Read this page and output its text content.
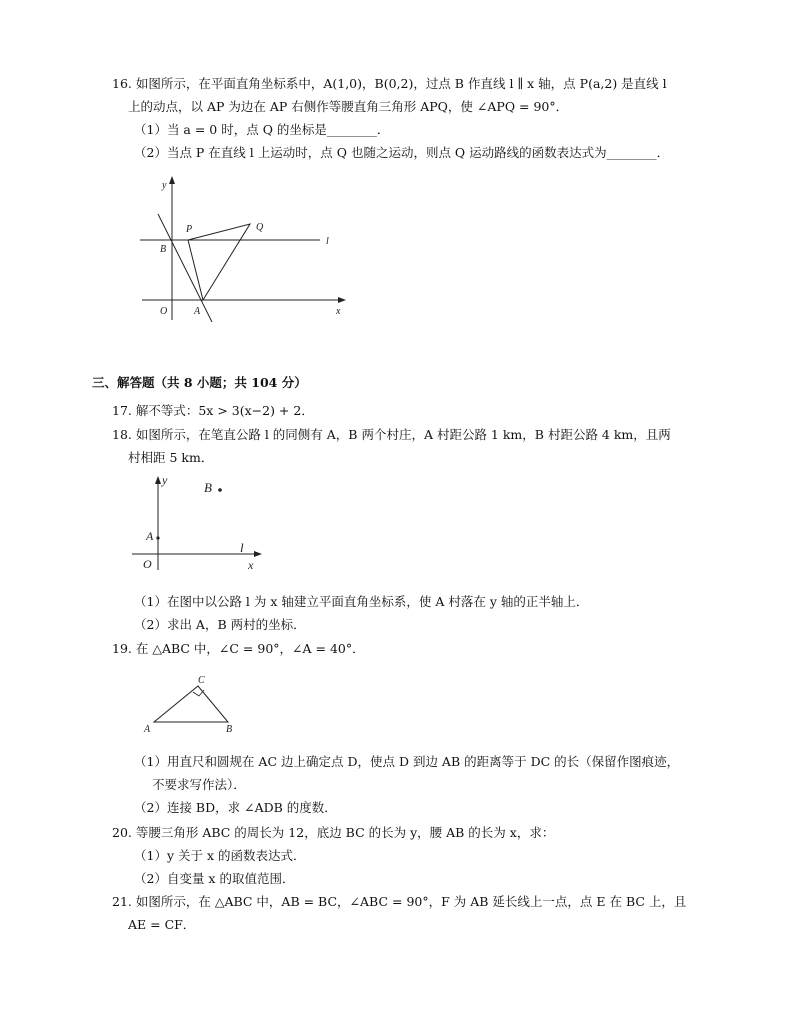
16. 如图所示，在平面直角坐标系中，A(1,0)，B(0,2)，过点 B 作直线 l ∥ x 轴，点 P(a,2) 是直线 l
上的动点，以 AP 为边在 AP 右侧作等腰直角三角形 APQ，使 ∠APQ = 90°．
（1）当 a = 0 时，点 Q 的坐标是________．
（2）当点 P 在直线 l 上运动时，点 Q 也随之运动，则点 Q 运动路线的函数表达式为________．
y
x
O	A
B
P	Q
l
三、解答题（共 8 小题；共 104 分）
17. 解不等式：5x > 3(x−2) + 2．
18. 如图所示，在笔直公路 l 的同侧有 A，B 两个村庄，A 村距公路 1 km，B 村距公路 4 km，且两
村相距 5 km．
y	B
A
l
O	x
（1）在图中以公路 l 为 x 轴建立平面直角坐标系，使 A 村落在 y 轴的正半轴上．
（2）求出 A，B 两村的坐标．
19. 在 △ABC 中，∠C = 90°，∠A = 40°．
A	B
C
（1）用直尺和圆规在 AC 边上确定点 D，使点 D 到边 AB 的距离等于 DC 的长（保留作图痕迹，
不要求写作法）．
（2）连接 BD，求 ∠ADB 的度数．
20. 等腰三角形 ABC 的周长为 12，底边 BC 的长为 y，腰 AB 的长为 x，求：
（1）y 关于 x 的函数表达式．
（2）自变量 x 的取值范围．
21. 如图所示，在 △ABC 中，AB = BC，∠ABC = 90°，F 为 AB 延长线上一点，点 E 在 BC 上，且
AE = CF．
